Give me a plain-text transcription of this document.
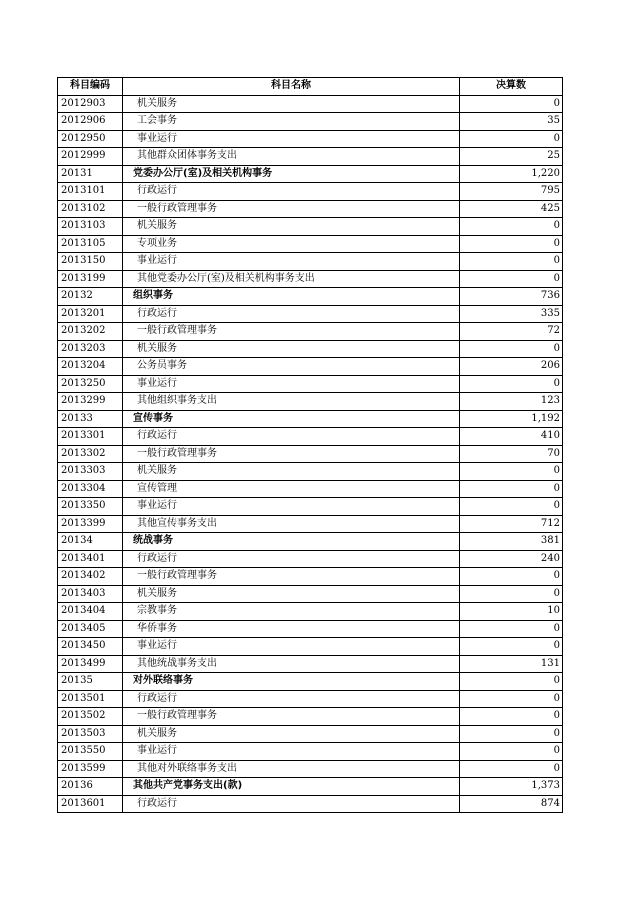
科目编码	科目名称	决算数
2012903	机关服务	0
2012906	工会事务	35
2012950	事业运行	0
2012999	其他群众团体事务支出	25
20131	党委办公厅(室)及相关机构事务	1,220
2013101	行政运行	795
2013102	一般行政管理事务	425
2013103	机关服务	0
2013105	专项业务	0
2013150	事业运行	0
2013199	其他党委办公厅(室)及相关机构事务支出	0
20132	组织事务	736
2013201	行政运行	335
2013202	一般行政管理事务	72
2013203	机关服务	0
2013204	公务员事务	206
2013250	事业运行	0
2013299	其他组织事务支出	123
20133	宣传事务	1,192
2013301	行政运行	410
2013302	一般行政管理事务	70
2013303	机关服务	0
2013304	宣传管理	0
2013350	事业运行	0
2013399	其他宣传事务支出	712
20134	统战事务	381
2013401	行政运行	240
2013402	一般行政管理事务	0
2013403	机关服务	0
2013404	宗教事务	10
2013405	华侨事务	0
2013450	事业运行	0
2013499	其他统战事务支出	131
20135	对外联络事务	0
2013501	行政运行	0
2013502	一般行政管理事务	0
2013503	机关服务	0
2013550	事业运行	0
2013599	其他对外联络事务支出	0
20136	其他共产党事务支出(款)	1,373
2013601	行政运行	874
